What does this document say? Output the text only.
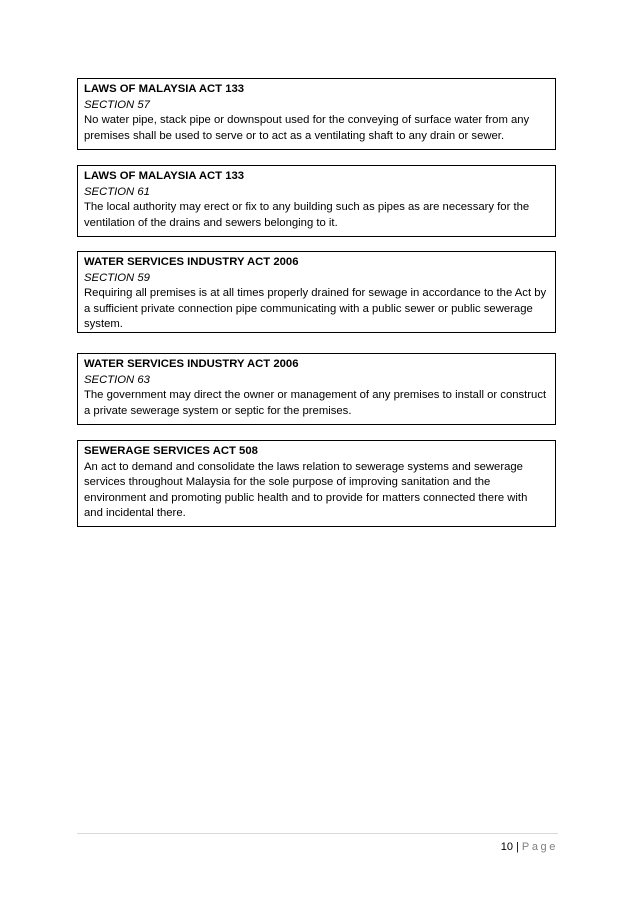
LAWS OF MALAYSIA ACT 133
SECTION 57
No water pipe, stack pipe or downspout used for the conveying of surface water from any premises shall be used to serve or to act as a ventilating shaft to any drain or sewer.
LAWS OF MALAYSIA ACT 133
SECTION 61
The local authority may erect or fix to any building such as pipes as are necessary for the ventilation of the drains and sewers belonging to it.
WATER SERVICES INDUSTRY ACT 2006
SECTION 59
Requiring all premises is at all times properly drained for sewage in accordance to the Act by a sufficient private connection pipe communicating with a public sewer or public sewerage system.
WATER SERVICES INDUSTRY ACT 2006
SECTION 63
The government may direct the owner or management of any premises to install or construct a private sewerage system or septic for the premises.
SEWERAGE SERVICES ACT 508
An act to demand and consolidate the laws relation to sewerage systems and sewerage services throughout Malaysia for the sole purpose of improving sanitation and the environment and promoting public health and to provide for matters connected there with and incidental there.
10 | Page
